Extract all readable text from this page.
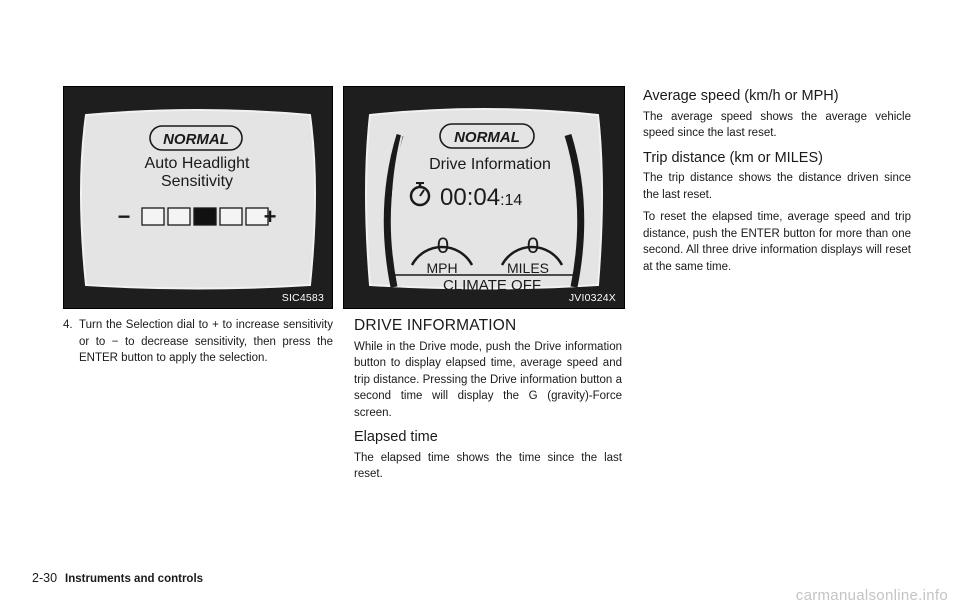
NORMAL
Auto Headlight
Sensitivity
−	+
SIC4583
NORMAL
Drive Information
00:04:14
0
MPH
0
MILES
CLIMATE OFF
JVI0324X
4. Turn the Selection dial to + to increase sensitivity or to − to decrease sensitivity, then press the ENTER button to apply the selection.
DRIVE INFORMATION

While in the Drive mode, push the Drive information button to display elapsed time, average speed and trip distance. Pressing the Drive information button a second time will display the G (gravity)-Force screen.

Elapsed time

The elapsed time shows the time since the last reset.

Average speed (km/h or MPH)

The average speed shows the average vehicle speed since the last reset.

Trip distance (km or MILES)

The trip distance shows the distance driven since the last reset.

To reset the elapsed time, average speed and trip distance, push the ENTER button for more than one second. All three drive information displays will reset at the same time.

2-30 Instruments and controls
carmanualsonline.info
